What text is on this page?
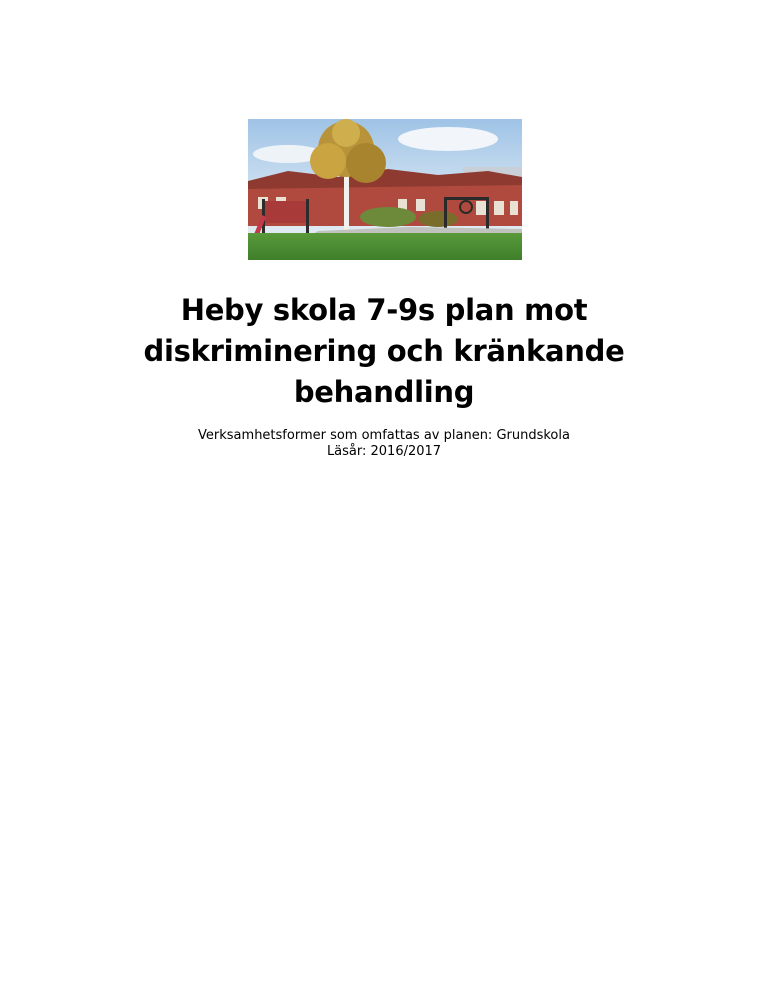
Heby skola 7-9s plan mot
diskriminering och kränkande
behandling
Verksamhetsformer som omfattas av planen: Grundskola
Läsår: 2016/2017
